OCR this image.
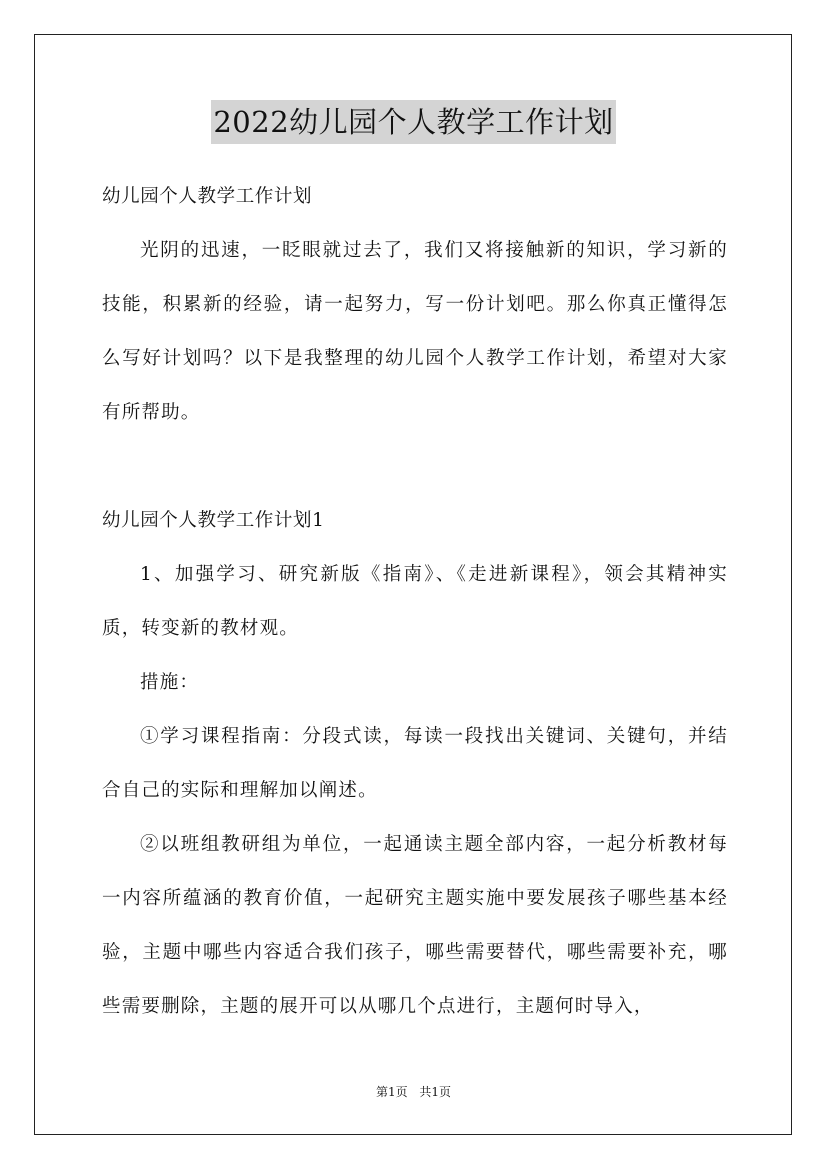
2022幼儿园个人教学工作计划

幼儿园个人教学工作计划

光阴的迅速，一眨眼就过去了，我们又将接触新的知识，学习新的技能，积累新的经验，请一起努力，写一份计划吧。那么你真正懂得怎么写好计划吗？以下是我整理的幼儿园个人教学工作计划，希望对大家有所帮助。

幼儿园个人教学工作计划1

1、加强学习、研究新版《指南》、《走进新课程》，领会其精神实质，转变新的教材观。

措施：

①学习课程指南：分段式读，每读一段找出关键词、关键句，并结合自己的实际和理解加以阐述。

②以班组教研组为单位，一起通读主题全部内容，一起分析教材每一内容所蕴涵的教育价值，一起研究主题实施中要发展孩子哪些基本经验，主题中哪些内容适合我们孩子，哪些需要替代，哪些需要补充，哪些需要删除，主题的展开可以从哪几个点进行，主题何时导入，

第1页 共1页
